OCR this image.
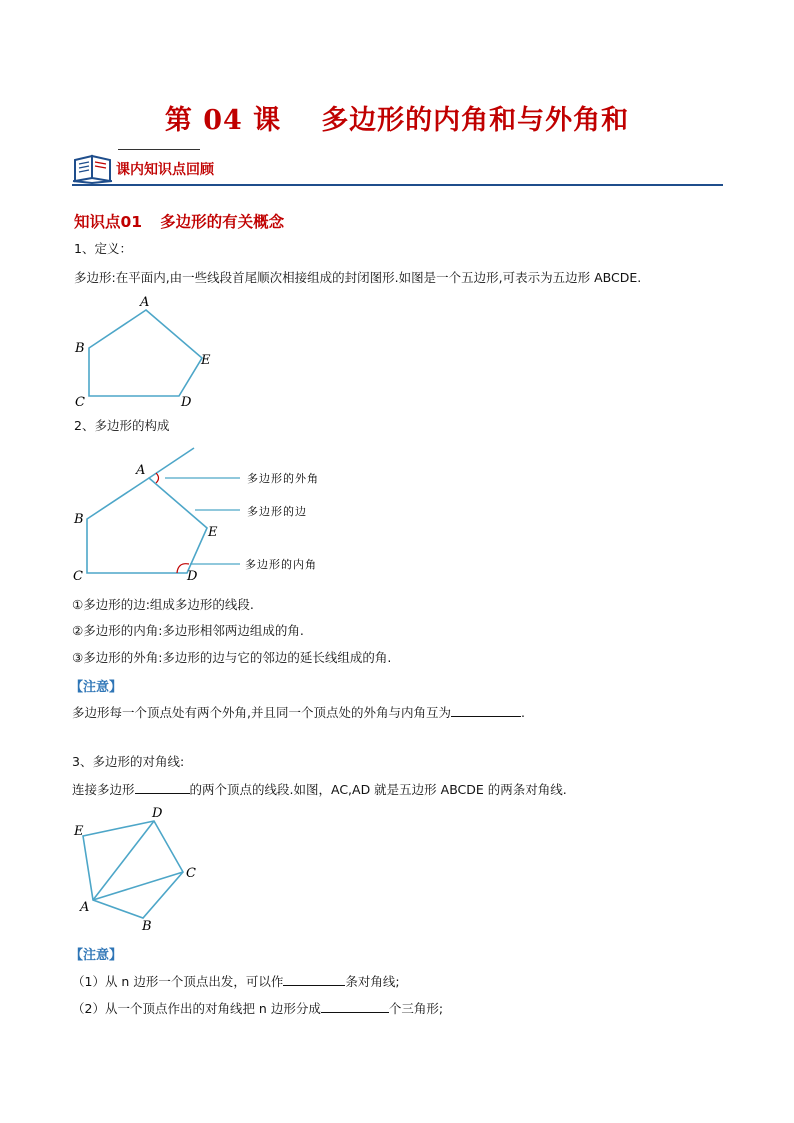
第 04 课 多边形的内角和与外角和
课内知识点回顾
知识点01 多边形的有关概念
1、定义：
多边形:在平面内,由一些线段首尾顺次相接组成的封闭图形.如图是一个五边形,可表示为五边形 ABCDE.
A
B
C	D
E
2、多边形的构成
A
B
C	D
E
多边形的外角
多边形的边
多边形的内角
①多边形的边:组成多边形的线段.
②多边形的内角:多边形相邻两边组成的角.
③多边形的外角:多边形的边与它的邻边的延长线组成的角.
【注意】
多边形每一个顶点处有两个外角,并且同一个顶点处的外角与内角互为	.
3、多边形的对角线:
连接多边形	的两个顶点的线段.如图，AC,AD 就是五边形 ABCDE 的两条对角线.
A
B
C
D
E
【注意】
（1）从 n 边形一个顶点出发，可以作	条对角线;
（2）从一个顶点作出的对角线把 n 边形分成	个三角形;
